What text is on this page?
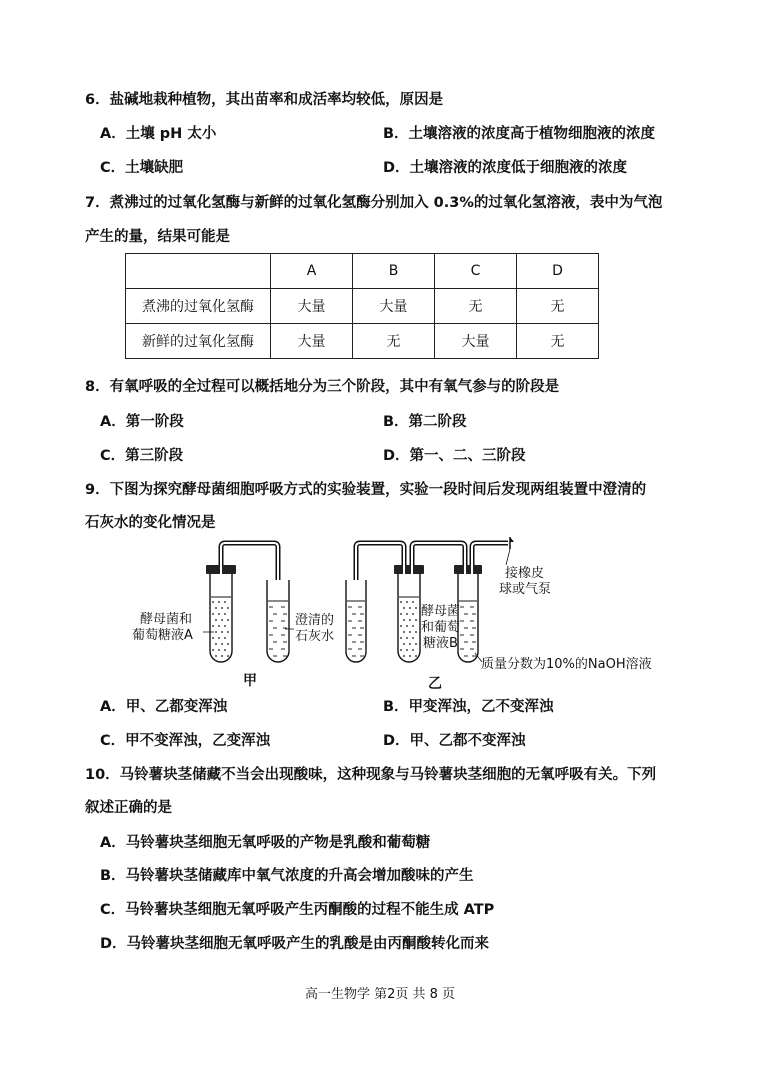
6．盐碱地栽种植物，其出苗率和成活率均较低，原因是
A．土壤 pH 太小	B．土壤溶液的浓度高于植物细胞液的浓度
C．土壤缺肥	D．土壤溶液的浓度低于细胞液的浓度
7．煮沸过的过氧化氢酶与新鲜的过氧化氢酶分别加入 0.3%的过氧化氢溶液，表中为气泡
产生的量，结果可能是
	A	B	C	D
煮沸的过氧化氢酶	大量	大量	无	无
新鲜的过氧化氢酶	大量	无	大量	无
8．有氧呼吸的全过程可以概括地分为三个阶段，其中有氧气参与的阶段是
A．第一阶段	B．第二阶段
C．第三阶段	D．第一、二、三阶段
9．下图为探究酵母菌细胞呼吸方式的实验装置，实验一段时间后发现两组装置中澄清的
石灰水的变化情况是
酵母菌和
葡萄糖液A
澄清的
石灰水
甲
接橡皮
球或气泵
酵母菌
和葡萄
糖液B
质量分数为10%的NaOH溶液
乙
A．甲、乙都变浑浊	B．甲变浑浊，乙不变浑浊
C．甲不变浑浊，乙变浑浊	D．甲、乙都不变浑浊
10．马铃薯块茎储藏不当会出现酸味，这种现象与马铃薯块茎细胞的无氧呼吸有关。下列
叙述正确的是
A．马铃薯块茎细胞无氧呼吸的产物是乳酸和葡萄糖
B．马铃薯块茎储藏库中氧气浓度的升高会增加酸味的产生
C．马铃薯块茎细胞无氧呼吸产生丙酮酸的过程不能生成 ATP
D．马铃薯块茎细胞无氧呼吸产生的乳酸是由丙酮酸转化而来
高一生物学 第2页 共 8 页
